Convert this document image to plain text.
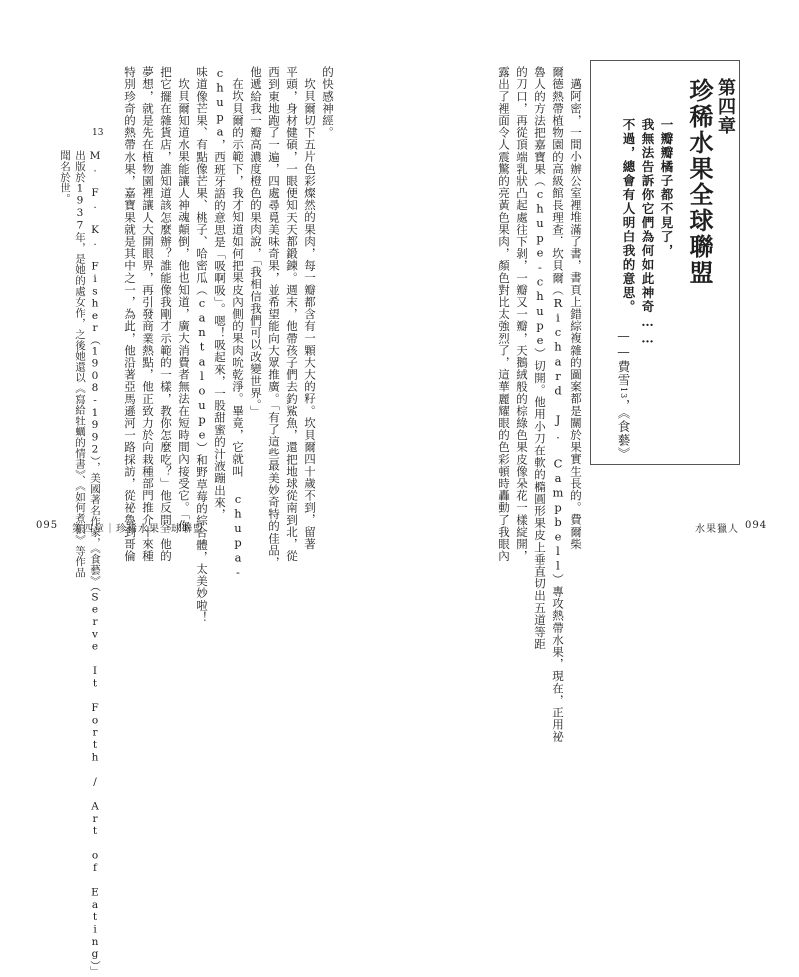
第四章
珍稀水果全球聯盟
一瓣瓣橘子都不見了，
我無法告訴你它們為何如此神奇……
不過，總會有人明白我的意思。
——費雪13，《食藝》
邁阿密，一間小辦公室裡堆滿了書，書頁上錯綜複雜的圖案都是關於果實生長的。費爾柴
爾德熱帶植物園的高級館長理查．坎貝爾（Richard J. Campbell）專攻熱帶水果，現在，正用祕
魯人的方法把嘉寶果（chupe-chupe）切開。他用小刀在軟的橢圓形果皮上垂直切出五道等距
的刀口，再從頂端乳狀凸起處往下剝，一瓣又一瓣，天鵝絨般的棕綠色果皮像朵花一樣綻開，
露出了裡面令人震驚的亮黃色果肉，顏色對比太強烈了，這華麗耀眼的色彩頓時轟動了我眼內
的快感神經。
坎貝爾切下五片色彩燦然的果肉，每一瓣都含有一顆大大的籽。坎貝爾四十歲不到，留著
平頭，身材健碩，一眼便知天天都鍛鍊。週末，他帶孩子們去釣鯊魚，還把地球從南到北，從
西到東地跑了一遍，四處尋覓美味奇果，並希望能向大眾推廣。「有了這些最美妙奇特的佳品，
他遞給我一瓣高濃度橙色的果肉說，「我相信我們可以改變世界。」
在坎貝爾的示範下，我才知道如何把果皮內側的果肉吮乾淨。畢竟，它就叫 chupa-
chupa，西班牙語的意思是「吸啊吸」。嗯！吸起來，一股甜蜜的汁液蹦出來，
味道像芒果、有點像芒果、桃子、哈密瓜（cantaloupe）和野草莓的綜合體，太美妙啦！
坎貝爾知道水果能讓人神魂顛倒，他也知道，廣大消費者無法在短時間內接受它。「你
把它擺在雜貨店，誰知道該怎麼辦？誰能像我剛才示範的一樣，教你怎麼吃？」他反問。他的
夢想，就是先在植物園裡讓人大開眼界，再引發商業熱點，他正致力於向栽種部門推介十來種
特別珍奇的熱帶水果，嘉寶果就是其中之一，為此，他沿著亞馬遜河一路採訪，從祕魯到哥倫
13
M. F. K. Fisher（1908-1992），美國著名作家，《食藝》（Serve It Forth / Art of Eating）」
出版於1937年，是她的處女作，之後她還以《寫給牡蠣的情書》、《如何煮狼》等作品
聞名於世。
095 第四章｜珍稀水果全球聯盟	水果獵人 094
